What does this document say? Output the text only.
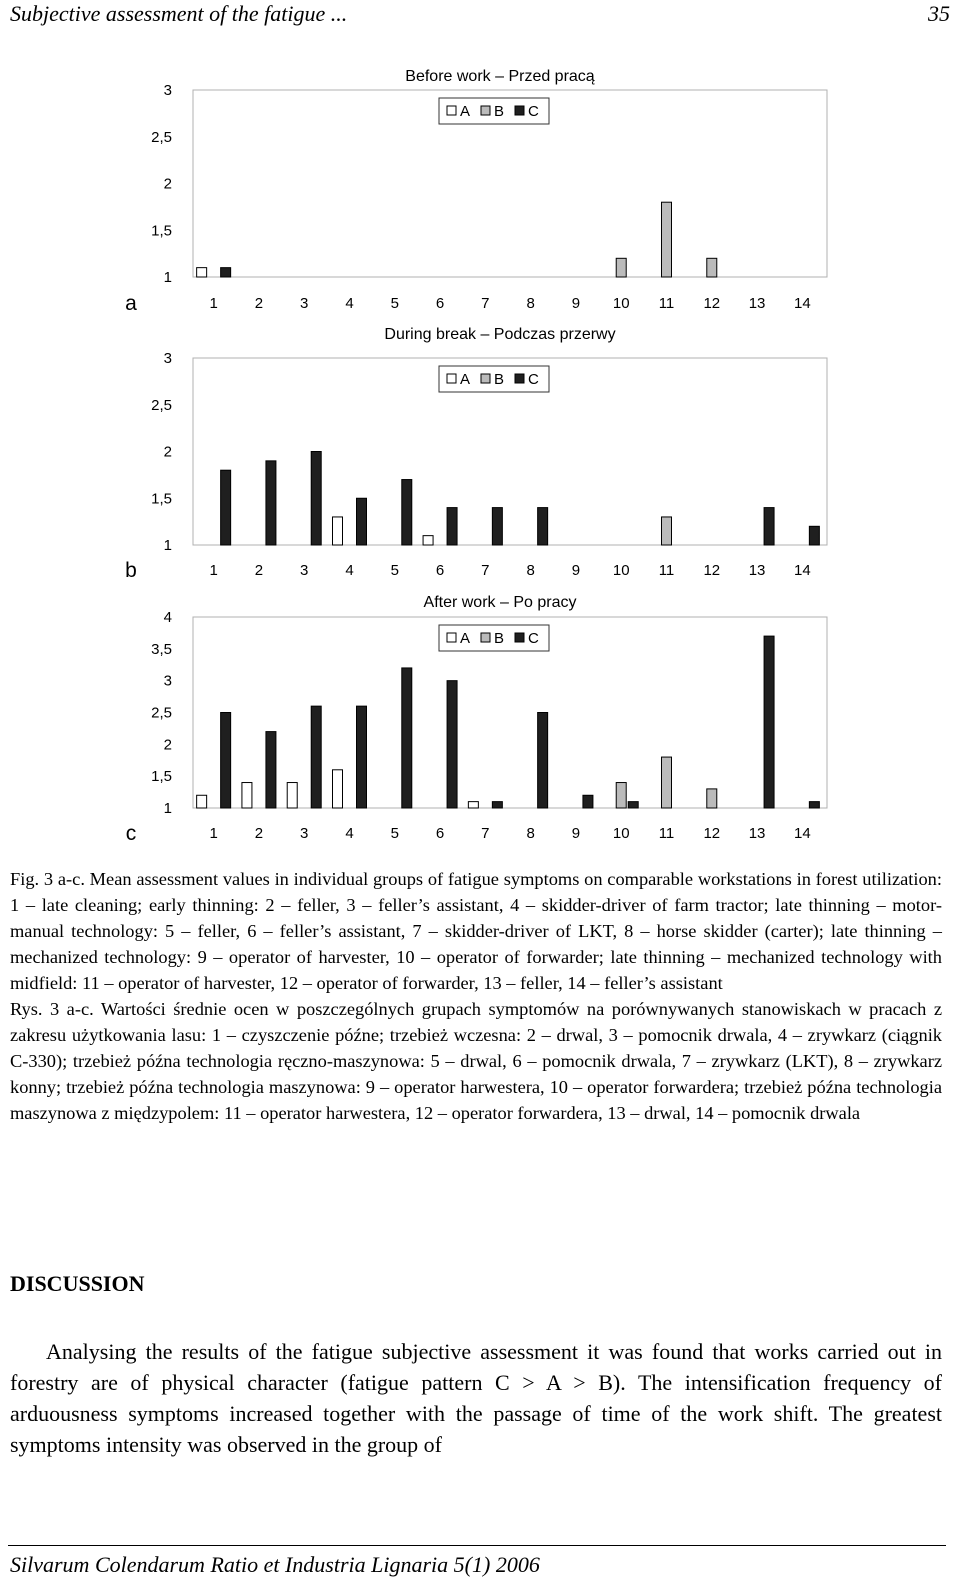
Subjective assessment of the fatigue ...	35
1
1,5
2
2,5
3
Before work – Przed pracą
A B C
1 2 3 4 5 6 7 8 9 10 11 12 13 14
a
1
1,5
2
2,5
3
During break – Podczas przerwy
A B C
1 2 3 4 5 6 7 8 9 10 11 12 13 14
b
1
1,5
2
2,5
3
3,5
4
After work – Po pracy
A B C
1 2 3 4 5 6 7 8 9 10 11 12 13 14
c

Fig. 3 a-c. Mean assessment values in individual groups of fatigue symptoms on comparable workstations in forest utilization: 1 – late cleaning; early thinning: 2 – feller, 3 – feller’s assistant, 4 – skidder-driver of farm tractor; late thinning – motor-manual technology: 5 – feller, 6 – feller’s assistant, 7 – skidder-driver of LKT, 8 – horse skidder (carter); late thinning – mechanized technology: 9 – operator of harvester, 10 – operator of forwarder; late thinning – mechanized technology with midfield: 11 – operator of harvester, 12 – operator of forwarder, 13 – feller, 14 – feller’s assistant

Rys. 3 a-c. Wartości średnie ocen w poszczególnych grupach symptomów na porównywanych stanowiskach w pracach z zakresu użytkowania lasu: 1 – czyszczenie późne; trzebież wczesna: 2 – drwal, 3 – pomocnik drwala, 4 – zrywkarz (ciągnik C-330); trzebież późna technologia ręczno-maszynowa: 5 – drwal, 6 – pomocnik drwala, 7 – zrywkarz (LKT), 8 – zrywkarz konny; trzebież późna technologia maszynowa: 9 – operator harwestera, 10 – operator forwardera; trzebież późna technologia maszynowa z międzypolem: 11 – operator harwestera, 12 – operator forwardera, 13 – drwal, 14 – pomocnik drwala

DISCUSSION

Analysing the results of the fatigue subjective assessment it was found that works carried out in forestry are of physical character (fatigue pattern C > A > B). The intensification frequency of arduousness symptoms increased together with the passage of time of the work shift. The greatest symptoms intensity was observed in the group of

Silvarum Colendarum Ratio et Industria Lignaria 5(1) 2006
